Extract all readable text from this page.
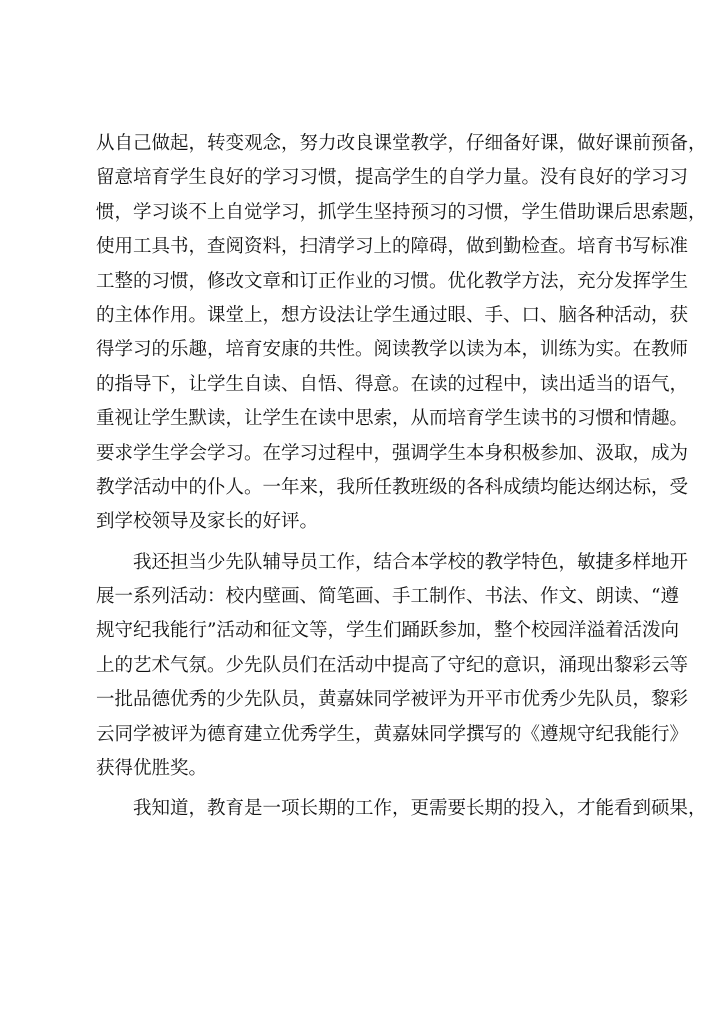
从自己做起，转变观念，努力改良课堂教学，仔细备好课，做好课前预备，
留意培育学生良好的学习习惯，提高学生的自学力量。没有良好的学习习
惯，学习谈不上自觉学习，抓学生坚持预习的习惯，学生借助课后思索题，
使用工具书，查阅资料，扫清学习上的障碍，做到勤检查。培育书写标准
工整的习惯，修改文章和订正作业的习惯。优化教学方法，充分发挥学生
的主体作用。课堂上，想方设法让学生通过眼、手、口、脑各种活动，获
得学习的乐趣，培育安康的共性。阅读教学以读为本，训练为实。在教师
的指导下，让学生自读、自悟、得意。在读的过程中，读出适当的语气，
重视让学生默读，让学生在读中思索，从而培育学生读书的习惯和情趣。
要求学生学会学习。在学习过程中，强调学生本身积极参加、汲取，成为
教学活动中的仆人。一年来，我所任教班级的各科成绩均能达纲达标，受
到学校领导及家长的好评。
我还担当少先队辅导员工作，结合本学校的教学特色，敏捷多样地开
展一系列活动：校内壁画、简笔画、手工制作、书法、作文、朗读、“遵
规守纪我能行”活动和征文等，学生们踊跃参加，整个校园洋溢着活泼向
上的艺术气氛。少先队员们在活动中提高了守纪的意识，涌现出黎彩云等
一批品德优秀的少先队员，黄嘉妹同学被评为开平市优秀少先队员，黎彩
云同学被评为德育建立优秀学生，黄嘉妹同学撰写的《遵规守纪我能行》
获得优胜奖。
我知道，教育是一项长期的工作，更需要长期的投入，才能看到硕果，
